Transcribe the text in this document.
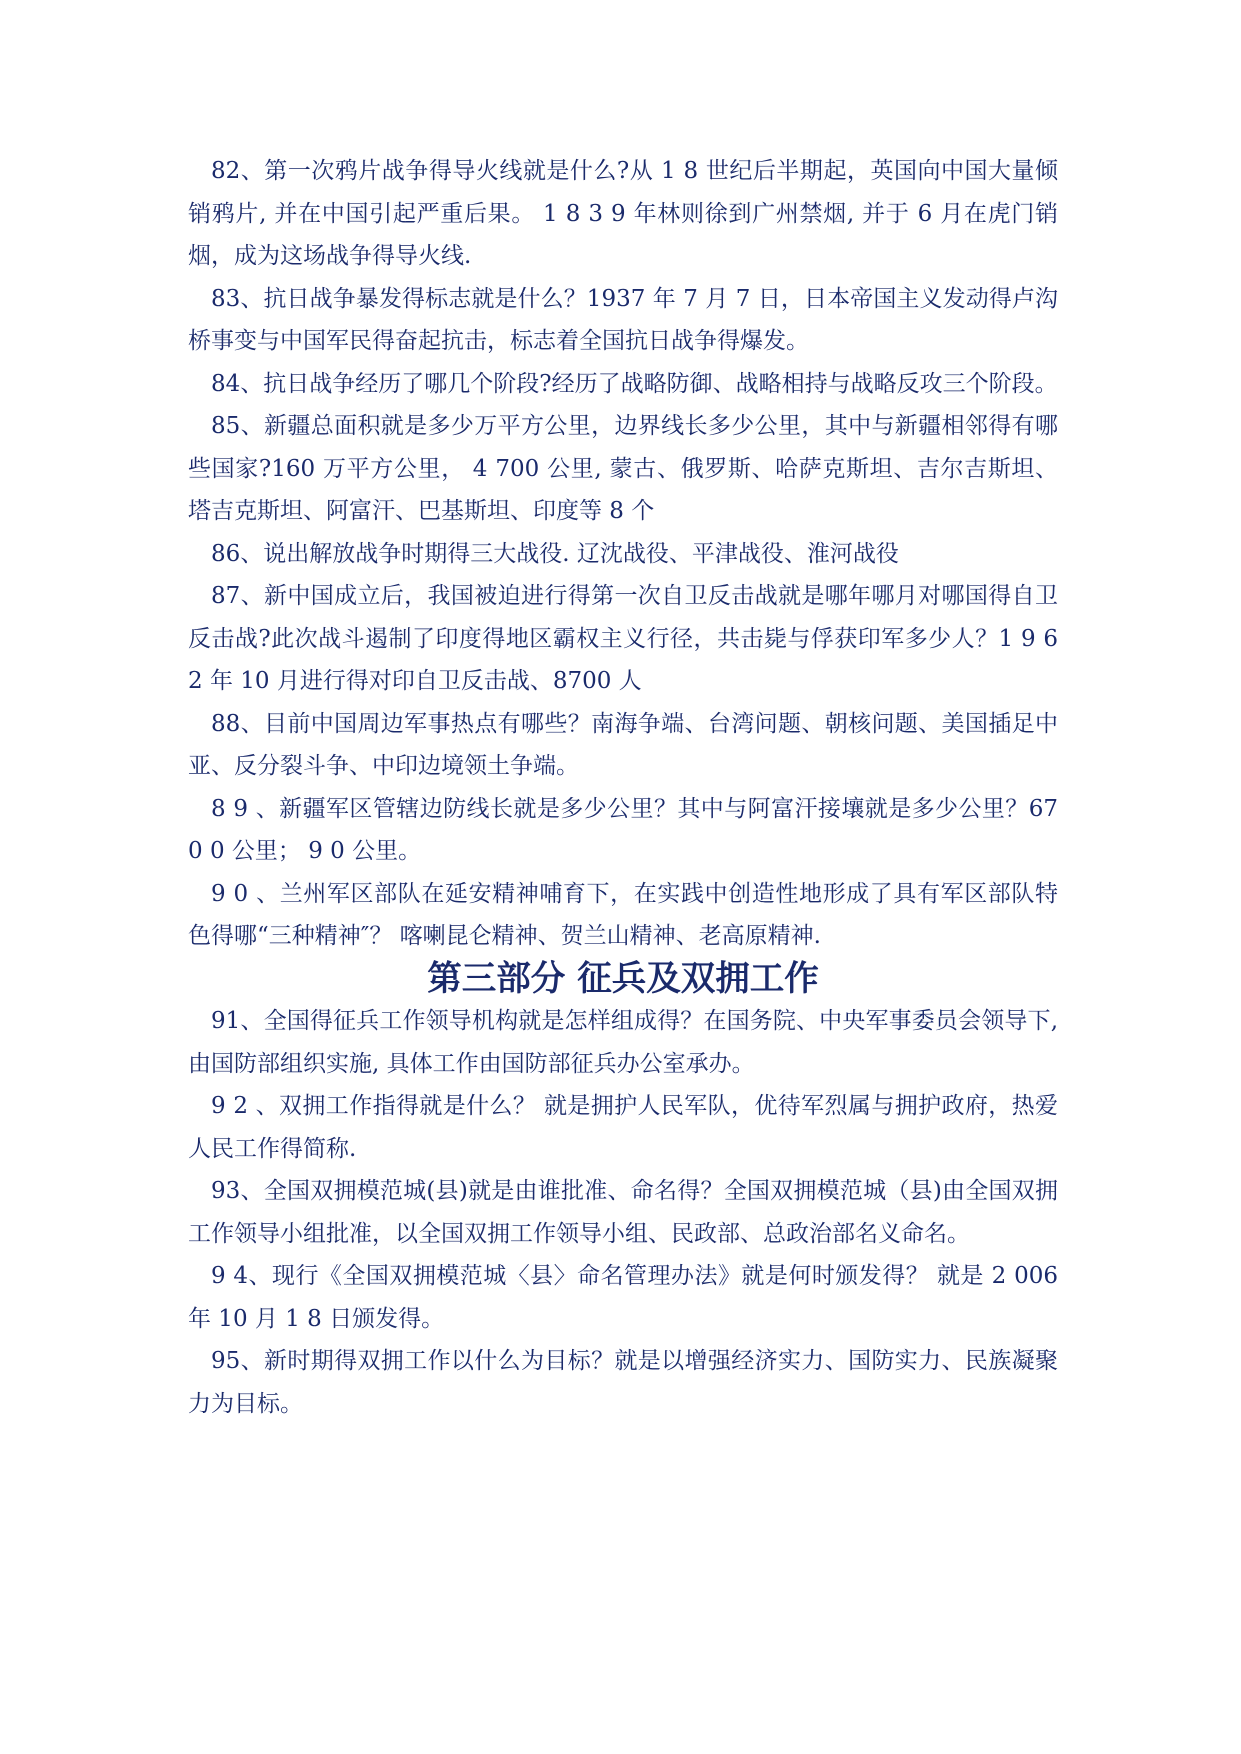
82、第一次鸦片战争得导火线就是什么?从 1 8 世纪后半期起，英国向中国大量倾销鸦片, 并在中国引起严重后果。 1 8 3 9 年林则徐到广州禁烟, 并于 6 月在虎门销烟，成为这场战争得导火线.

83、抗日战争暴发得标志就是什么？1937 年 7 月 7 日，日本帝国主义发动得卢沟桥事变与中国军民得奋起抗击，标志着全国抗日战争得爆发。

84、抗日战争经历了哪几个阶段?经历了战略防御、战略相持与战略反攻三个阶段。

85、新疆总面积就是多少万平方公里，边界线长多少公里，其中与新疆相邻得有哪些国家?160 万平方公里， 4 700 公里, 蒙古、俄罗斯、哈萨克斯坦、吉尔吉斯坦、塔吉克斯坦、阿富汗、巴基斯坦、印度等 8 个

86、说出解放战争时期得三大战役. 辽沈战役、平津战役、淮河战役

87、新中国成立后，我国被迫进行得第一次自卫反击战就是哪年哪月对哪国得自卫反击战?此次战斗遏制了印度得地区霸权主义行径，共击毙与俘获印军多少人？1 9 6 2 年 10 月进行得对印自卫反击战、8700 人

88、目前中国周边军事热点有哪些？南海争端、台湾问题、朝核问题、美国插足中亚、反分裂斗争、中印边境领土争端。

8 9 、新疆军区管辖边防线长就是多少公里？其中与阿富汗接壤就是多少公里？67 0 0 公里； 9 0 公里。

9 0 、兰州军区部队在延安精神哺育下，在实践中创造性地形成了具有军区部队特色得哪“三种精神″？ 喀喇昆仑精神、贺兰山精神、老高原精神.

第三部分 征兵及双拥工作

91、全国得征兵工作领导机构就是怎样组成得？在国务院、中央军事委员会领导下, 由国防部组织实施, 具体工作由国防部征兵办公室承办。

9 2 、双拥工作指得就是什么？ 就是拥护人民军队，优待军烈属与拥护政府，热爱人民工作得简称.

93、全国双拥模范城(县)就是由谁批准、命名得？全国双拥模范城（县)由全国双拥工作领导小组批准，以全国双拥工作领导小组、民政部、总政治部名义命名。

9 4、现行《全国双拥模范城〈县〉命名管理办法》就是何时颁发得？ 就是 2 006 年 10 月 1 8 日颁发得。

95、新时期得双拥工作以什么为目标？就是以增强经济实力、国防实力、民族凝聚力为目标。
